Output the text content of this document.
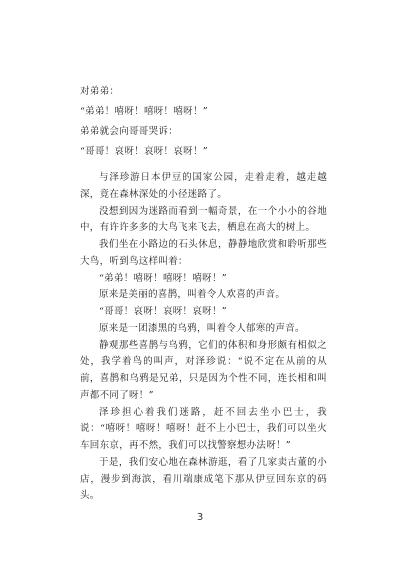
对弟弟：
“弟弟！嘻呀！嘻呀！嘻呀！”
弟弟就会向哥哥哭诉：
“哥哥！哀呀！哀呀！哀呀！”
与泽珍游日本伊豆的国家公园，走着走着，越走越深，竟在森林深处的小径迷路了。
没想到因为迷路而看到一幅奇景，在一个小小的谷地中，有许许多多的大鸟飞来飞去，栖息在高大的树上。
我们坐在小路边的石头休息，静静地欣赏和聆听那些大鸟，听到鸟这样叫着：
“弟弟！嘻呀！嘻呀！嘻呀！”
原来是美丽的喜鹊，叫着令人欢喜的声音。
“哥哥！哀呀！哀呀！哀呀！”
原来是一团漆黑的乌鸦，叫着令人郁寒的声音。
静观那些喜鹊与乌鸦，它们的体积和身形颇有相似之处，我学着鸟的叫声，对泽珍说：“说不定在从前的从前，喜鹊和乌鸦是兄弟，只是因为个性不同，连长相和叫声都不同了呀！”
泽珍担心着我们迷路，赶不回去坐小巴士，我说：“嘻呀！嘻呀！嘻呀！赶不上小巴士，我们可以坐火车回东京，再不然，我们可以找警察想办法呀！”
于是，我们安心地在森林游逛，看了几家卖古董的小店，漫步到海滨，看川端康成笔下那从伊豆回东京的码头。
3
